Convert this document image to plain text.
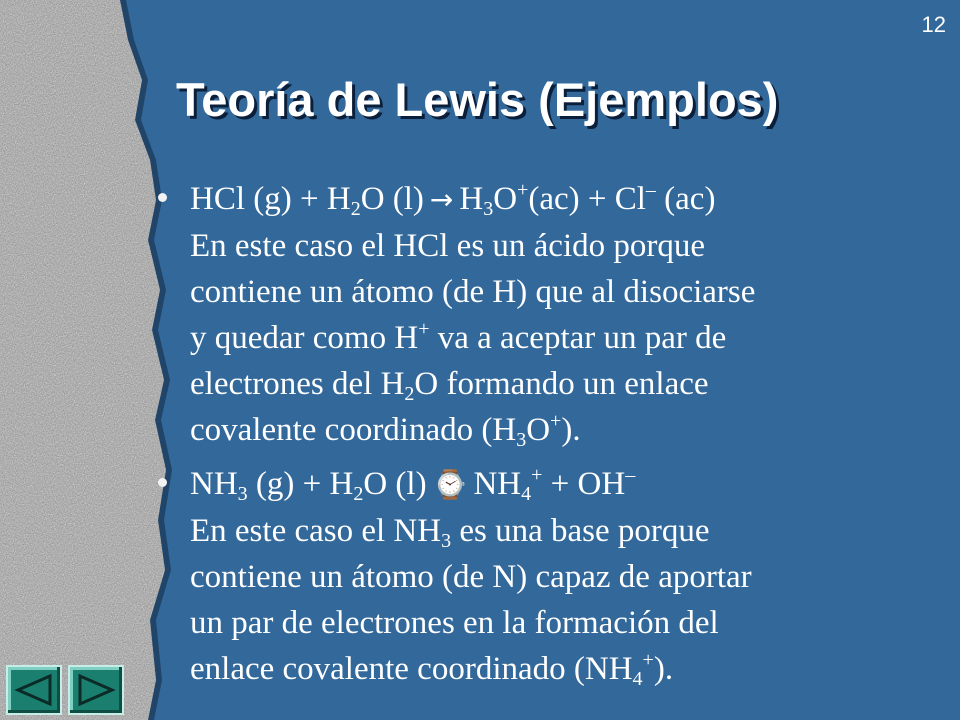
12
Teoría de Lewis (Ejemplos)
HCl $(g) + H_2O$ $(l) \to H_3O^+(ac) + Cl^-$ (ac)
En este caso el HCl es un ácido porque
contiene un átomo (de H) que al disociarse
y quedar como H+ va a aceptar un par de
electrones del $H_2O$ formando un enlace
covalente coordinado $(H_3O^+)$.
$NH_3$ $(g) + H_2O$ (l) ⌚ $NH_4^+ + OH^-$
En este caso el $NH_3$ es una base porque
contiene un átomo (de N) capaz de aportar
un par de electrones en la formación del
enlace covalente coordinado $(NH_4^+)$.
